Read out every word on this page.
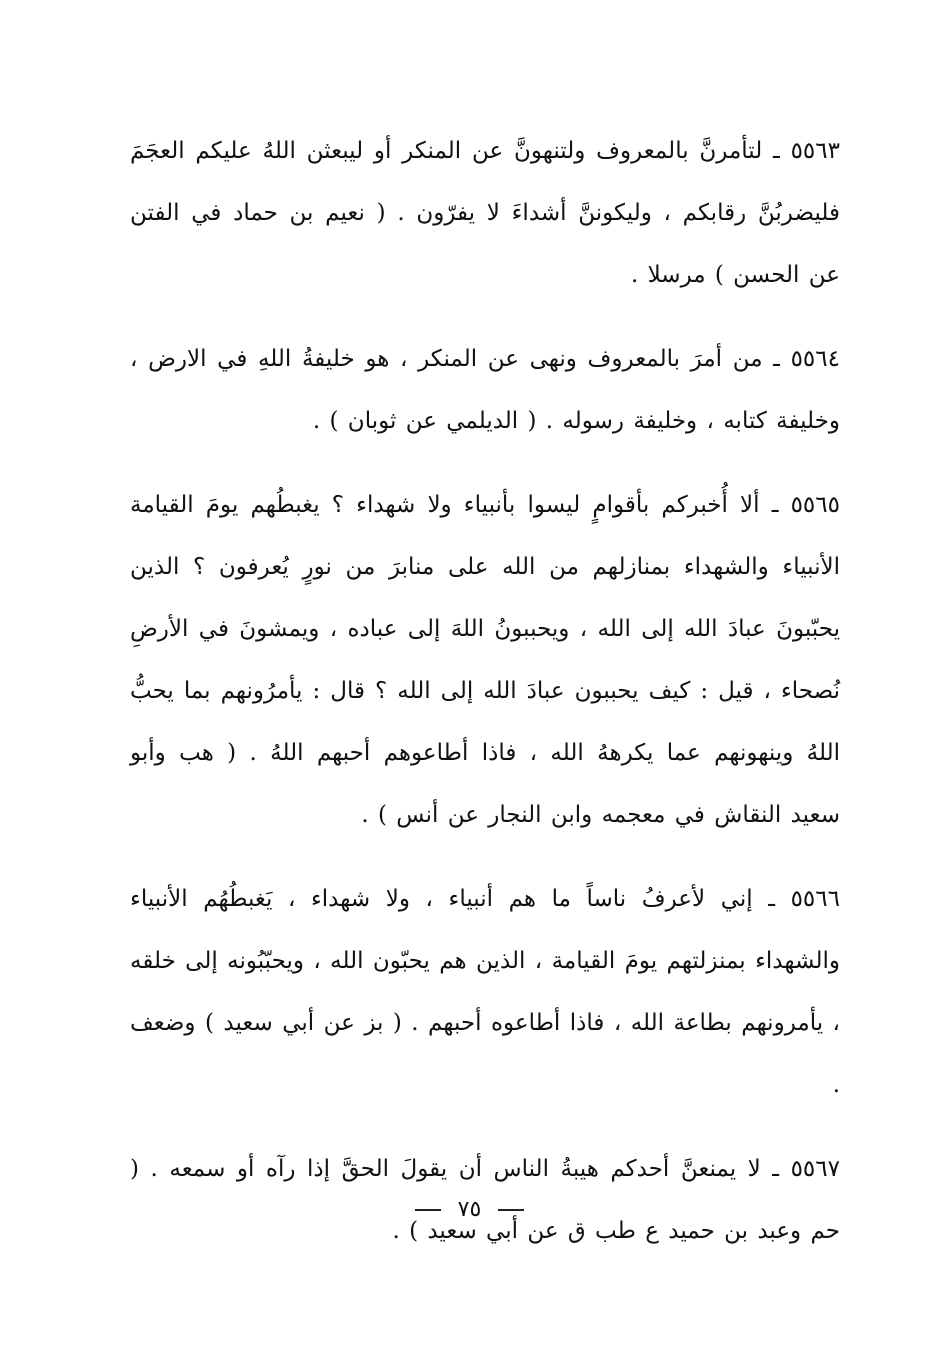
٥٥٦٣ ـ لتأمرنَّ بالمعروف ولتنهونَّ عن المنكر أو ليبعثن اللهُ عليكم العجَمَ فليضربُنَّ رقابكم ، وليكوننَّ أشداءَ لا يفرّون . ( نعيم بن حماد في الفتن عن الحسن ) مرسلا .

٥٥٦٤ ـ من أمرَ بالمعروف ونهى عن المنكر ، هو خليفةُ اللهِ في الارض ، وخليفة كتابه ، وخليفة رسوله . ( الديلمي عن ثوبان ) .

٥٥٦٥ ـ ألا أُخبركم بأقوامٍ ليسوا بأنبياء ولا شهداء ؟ يغبطُهم يومَ القيامة الأنبياء والشهداء بمنازلهم من الله على منابرَ من نورٍ يُعرفون ؟ الذين يحبّبونَ عبادَ الله إلى الله ، ويحببونُ اللهَ إلى عباده ، ويمشونَ في الأرضِ نُصحاء ، قيل : كيف يحببون عبادَ الله إلى الله ؟ قال : يأمرُونهم بما يحبُّ اللهُ وينهونهم عما يكرههُ الله ، فاذا أطاعوهم أحبهم اللهُ . ( هب وأبو سعيد النقاش في معجمه وابن النجار عن أنس ) .

٥٥٦٦ ـ إني لأعرفُ ناساً ما هم أنبياء ، ولا شهداء ، يَغبطُهُم الأنبياء والشهداء بمنزلتهم يومَ القيامة ، الذين هم يحبّون الله ، ويحبّبُونه إلى خلقه ، يأمرونهم بطاعة الله ، فاذا أطاعوه أحبهم . ( بز عن أبي سعيد ) وضعف .

٥٥٦٧ ـ لا يمنعنَّ أحدكم هيبةُ الناس أن يقولَ الحقَّ إذا رآه أو سمعه . ( حم وعبد بن حميد ع طب ق عن أبي سعيد ) .

٧٥
